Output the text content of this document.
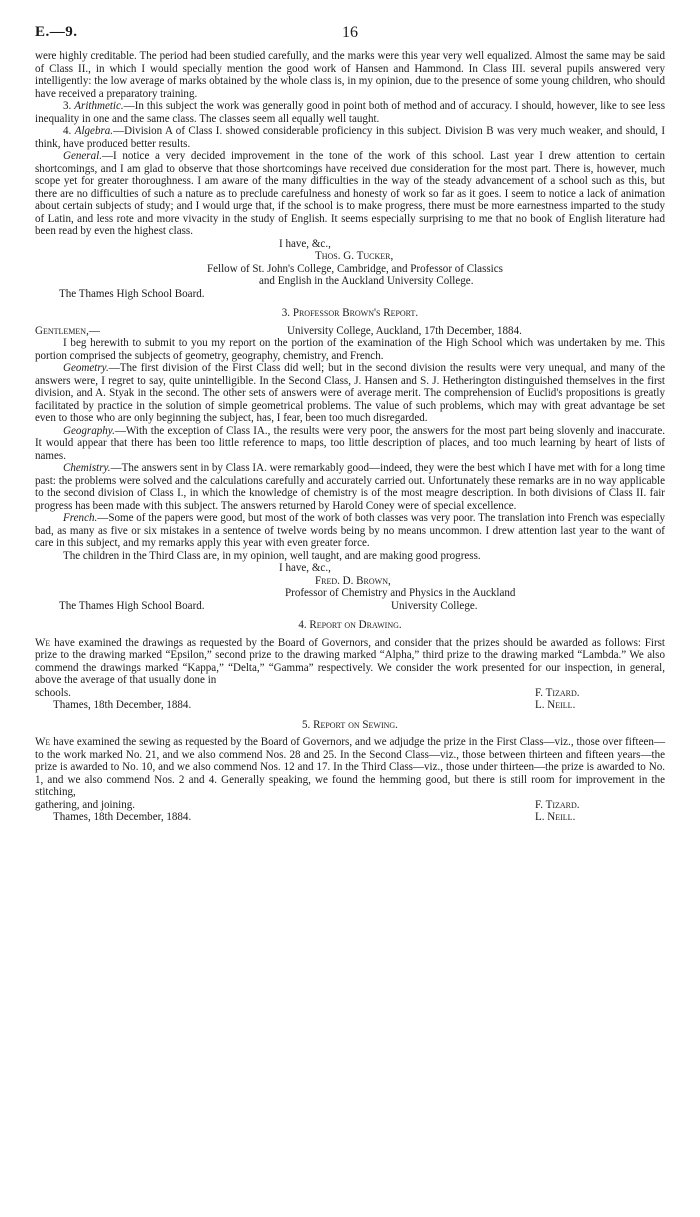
E.—9.	16

were highly creditable. The period had been studied carefully, and the marks were this year very well equalized. Almost the same may be said of Class II., in which I would specially mention the good work of Hansen and Hammond. In Class III. several pupils answered very intelligently: the low average of marks obtained by the whole class is, in my opinion, due to the presence of some young children, who should have received a preparatory training.

3. Arithmetic.—In this subject the work was generally good in point both of method and of accuracy. I should, however, like to see less inequality in one and the same class. The classes seem all equally well taught.

4. Algebra.—Division A of Class I. showed considerable proficiency in this subject. Division B was very much weaker, and should, I think, have produced better results.

General.—I notice a very decided improvement in the tone of the work of this school. Last year I drew attention to certain shortcomings, and I am glad to observe that those shortcomings have received due consideration for the most part. There is, however, much scope yet for greater thoroughness. I am aware of the many difficulties in the way of the steady advancement of a school such as this, but there are no difficulties of such a nature as to preclude carefulness and honesty of work so far as it goes. I seem to notice a lack of animation about certain subjects of study; and I would urge that, if the school is to make progress, there must be more earnestness imparted to the study of Latin, and less rote and more vivacity in the study of English. It seems especially surprising to me that no book of English literature had been read by even the highest class.

I have, &c.,

Thos. G. Tucker,

Fellow of St. John's College, Cambridge, and Professor of Classics

and English in the Auckland University College.

The Thames High School Board.

3. Professor Brown's Report.
Gentlemen,—	University College, Auckland, 17th December, 1884.

I beg herewith to submit to you my report on the portion of the examination of the High School which was undertaken by me. This portion comprised the subjects of geometry, geography, chemistry, and French.

Geometry.—The first division of the First Class did well; but in the second division the results were very unequal, and many of the answers were, I regret to say, quite unintelligible. In the Second Class, J. Hansen and S. J. Hetherington distinguished themselves in the first division, and A. Styak in the second. The other sets of answers were of average merit. The comprehension of Euclid's propositions is greatly facilitated by practice in the solution of simple geometrical problems. The value of such problems, which may with great advantage be set even to those who are only beginning the subject, has, I fear, been too much disregarded.

Geography.—With the exception of Class IA., the results were very poor, the answers for the most part being slovenly and inaccurate. It would appear that there has been too little reference to maps, too little description of places, and too much learning by heart of lists of names.

Chemistry.—The answers sent in by Class IA. were remarkably good—indeed, they were the best which I have met with for a long time past: the problems were solved and the calculations carefully and accurately carried out. Unfortunately these remarks are in no way applicable to the second division of Class I., in which the knowledge of chemistry is of the most meagre description. In both divisions of Class II. fair progress has been made with this subject. The answers returned by Harold Coney were of special excellence.

French.—Some of the papers were good, but most of the work of both classes was very poor. The translation into French was especially bad, as many as five or six mistakes in a sentence of twelve words being by no means uncommon. I drew attention last year to the want of care in this subject, and my remarks apply this year with even greater force.

The children in the Third Class are, in my opinion, well taught, and are making good progress.

I have, &c.,

Fred. D. Brown,

Professor of Chemistry and Physics in the Auckland

The Thames High School Board.	University College.
4. Report on Drawing.

We have examined the drawings as requested by the Board of Governors, and consider that the prizes should be awarded as follows: First prize to the drawing marked “Epsilon,” second prize to the drawing marked “Alpha,” third prize to the drawing marked “Lambda.” We also commend the drawings marked “Kappa,” “Delta,” “Gamma” respectively. We consider the work presented for our inspection, in general, above the average of that usually done in

schools.	F. Tizard.
Thames, 18th December, 1884.	L. Neill.
5. Report on Sewing.

We have examined the sewing as requested by the Board of Governors, and we adjudge the prize in the First Class—viz., those over fifteen—to the work marked No. 21, and we also commend Nos. 28 and 25. In the Second Class—viz., those between thirteen and fifteen years—the prize is awarded to No. 10, and we also commend Nos. 12 and 17. In the Third Class—viz., those under thirteen—the prize is awarded to No. 1, and we also commend Nos. 2 and 4. Generally speaking, we found the hemming good, but there is still room for improvement in the stitching,

gathering, and joining.	F. Tizard.
Thames, 18th December, 1884.	L. Neill.
